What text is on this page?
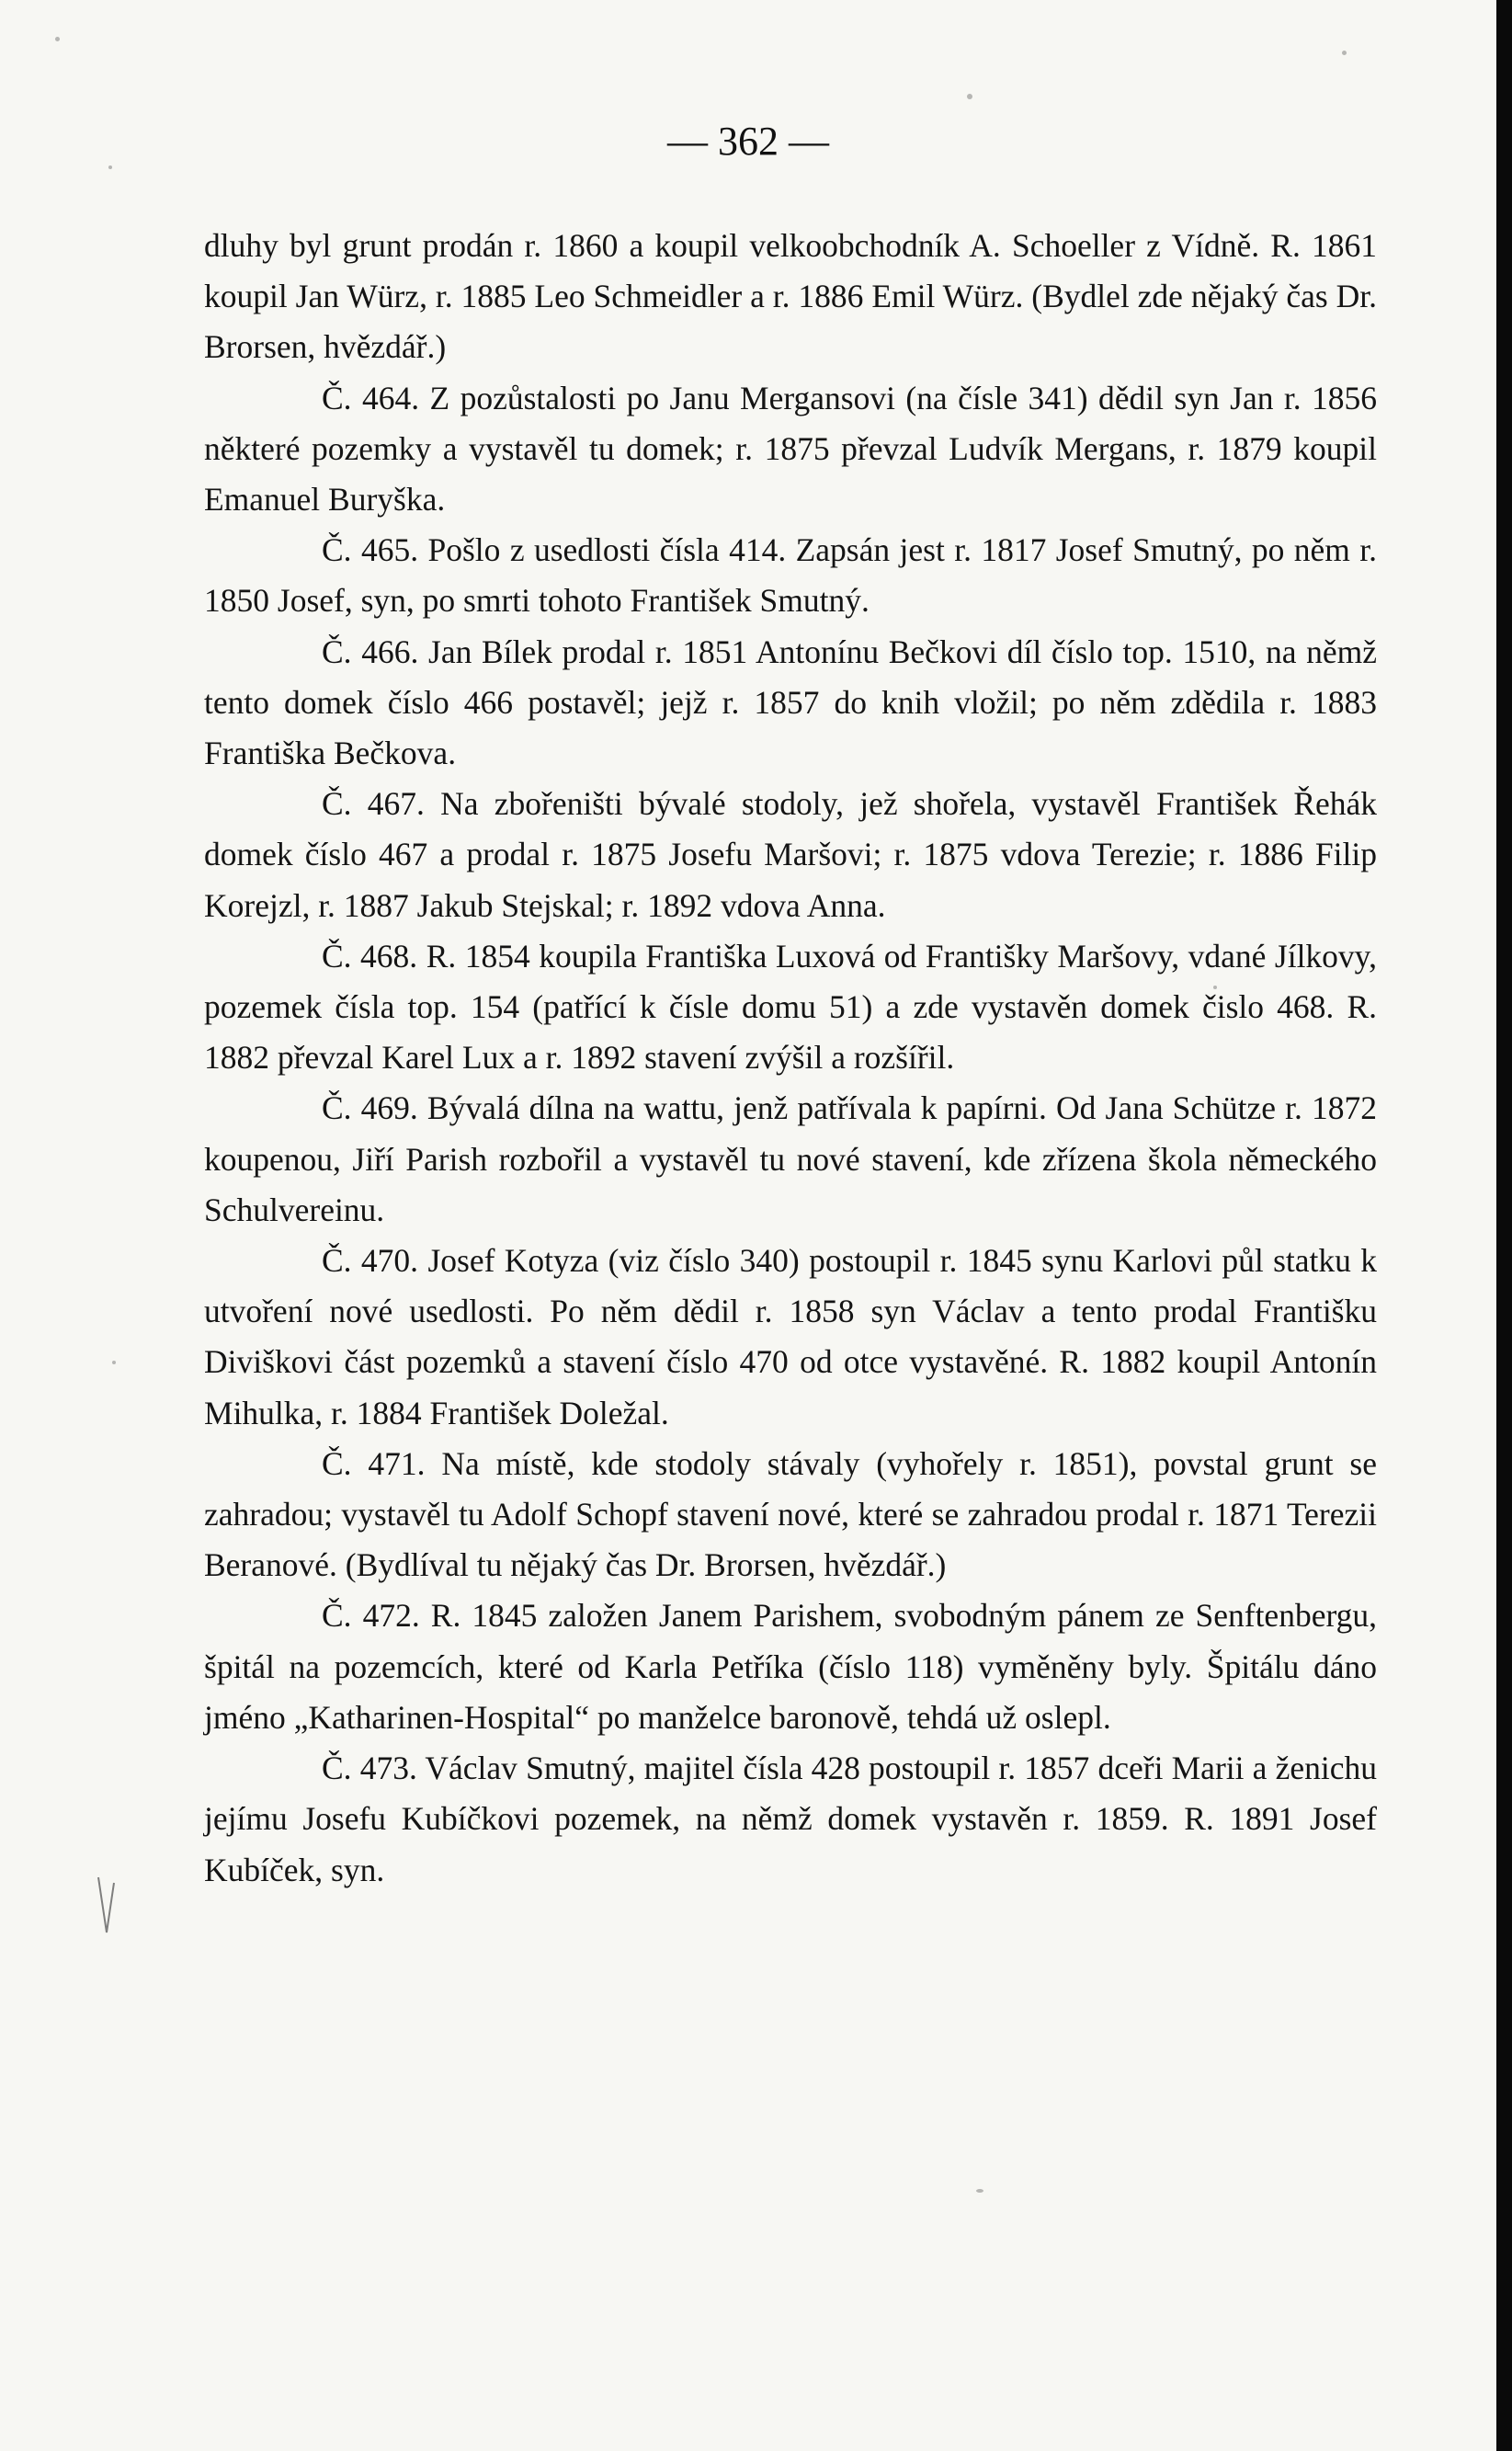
— 362 —

dluhy byl grunt prodán r. 1860 a koupil velkoobchodník A. Schoeller z Vídně. R. 1861 koupil Jan Würz, r. 1885 Leo Schmeidler a r. 1886 Emil Würz. (Bydlel zde nějaký čas Dr. Brorsen, hvězdář.)

Č. 464. Z pozůstalosti po Janu Mergansovi (na čísle 341) dědil syn Jan r. 1856 některé pozemky a vystavěl tu domek; r. 1875 převzal Ludvík Mergans, r. 1879 koupil Emanuel Buryška.

Č. 465. Pošlo z usedlosti čísla 414. Zapsán jest r. 1817 Josef Smutný, po něm r. 1850 Josef, syn, po smrti tohoto František Smutný.

Č. 466. Jan Bílek prodal r. 1851 Antonínu Bečkovi díl číslo top. 1510, na němž tento domek číslo 466 postavěl; jejž r. 1857 do knih vložil; po něm zdědila r. 1883 Františka Bečkova.

Č. 467. Na zbořeništi bývalé stodoly, jež shořela, vystavěl František Řehák domek číslo 467 a prodal r. 1875 Josefu Maršovi; r. 1875 vdova Terezie; r. 1886 Filip Korejzl, r. 1887 Jakub Stejskal; r. 1892 vdova Anna.

Č. 468. R. 1854 koupila Františka Luxová od Františky Maršovy, vdané Jílkovy, pozemek čísla top. 154 (patřící k čísle domu 51) a zde vystavěn domek čislo 468. R. 1882 převzal Karel Lux a r. 1892 stavení zvýšil a rozšířil.

Č. 469. Bývalá dílna na wattu, jenž patřívala k papírni. Od Jana Schütze r. 1872 koupenou, Jiří Parish rozbořil a vystavěl tu nové stavení, kde zřízena škola německého Schulvereinu.

Č. 470. Josef Kotyza (viz číslo 340) postoupil r. 1845 synu Karlovi půl statku k utvoření nové usedlosti. Po něm dědil r. 1858 syn Václav a tento prodal Františku Diviškovi část pozemků a stavení číslo 470 od otce vystavěné. R. 1882 koupil Antonín Mihulka, r. 1884 František Doležal.

Č. 471. Na místě, kde stodoly stávaly (vyhořely r. 1851), povstal grunt se zahradou; vystavěl tu Adolf Schopf stavení nové, které se zahradou prodal r. 1871 Terezii Beranové. (Bydlíval tu nějaký čas Dr. Brorsen, hvězdář.)

Č. 472. R. 1845 založen Janem Parishem, svobodným pánem ze Senftenbergu, špitál na pozemcích, které od Karla Petříka (číslo 118) vyměněny byly. Špitálu dáno jméno „Katharinen-Hospital“ po manželce baronově, tehdá už oslepl.

Č. 473. Václav Smutný, majitel čísla 428 postoupil r. 1857 dceři Marii a ženichu jejímu Josefu Kubíčkovi pozemek, na němž domek vystavěn r. 1859. R. 1891 Josef Kubíček, syn.
